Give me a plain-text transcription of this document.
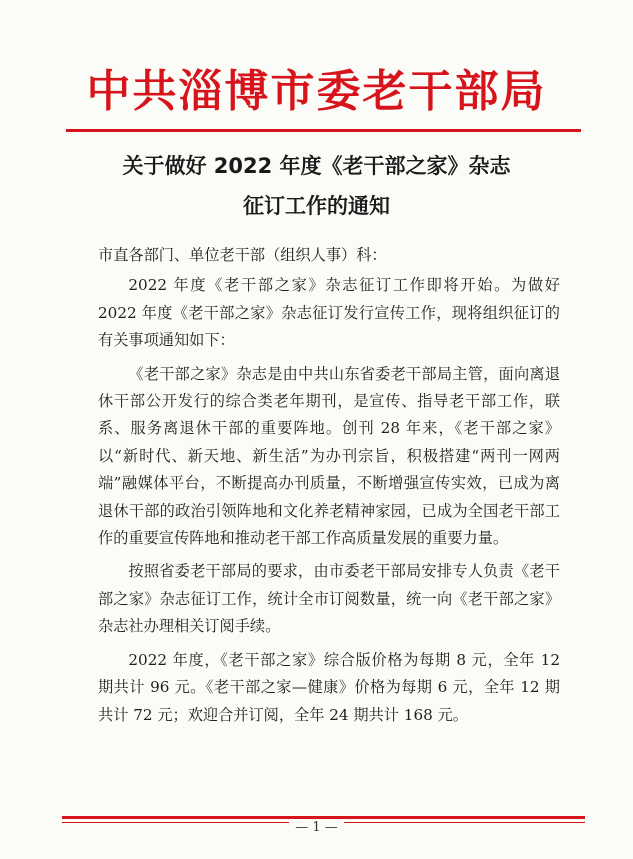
中共淄博市委老干部局
关于做好 2022 年度《老干部之家》杂志
征订工作的通知

市直各部门、单位老干部（组织人事）科：

2022 年度《老干部之家》杂志征订工作即将开始。为做好 2022 年度《老干部之家》杂志征订发行宣传工作，现将组织征订的有关事项通知如下：

《老干部之家》杂志是由中共山东省委老干部局主管，面向离退休干部公开发行的综合类老年期刊，是宣传、指导老干部工作，联系、服务离退休干部的重要阵地。创刊 28 年来，《老干部之家》以“新时代、新天地、新生活”为办刊宗旨，积极搭建“两刊一网两端”融媒体平台，不断提高办刊质量，不断增强宣传实效，已成为离退休干部的政治引领阵地和文化养老精神家园，已成为全国老干部工作的重要宣传阵地和推动老干部工作高质量发展的重要力量。

按照省委老干部局的要求，由市委老干部局安排专人负责《老干部之家》杂志征订工作，统计全市订阅数量，统一向《老干部之家》杂志社办理相关订阅手续。

2022 年度，《老干部之家》综合版价格为每期 8 元，全年 12 期共计 96 元。《老干部之家—健康》价格为每期 6 元，全年 12 期共计 72 元；欢迎合并订阅，全年 24 期共计 168 元。

— 1 —
